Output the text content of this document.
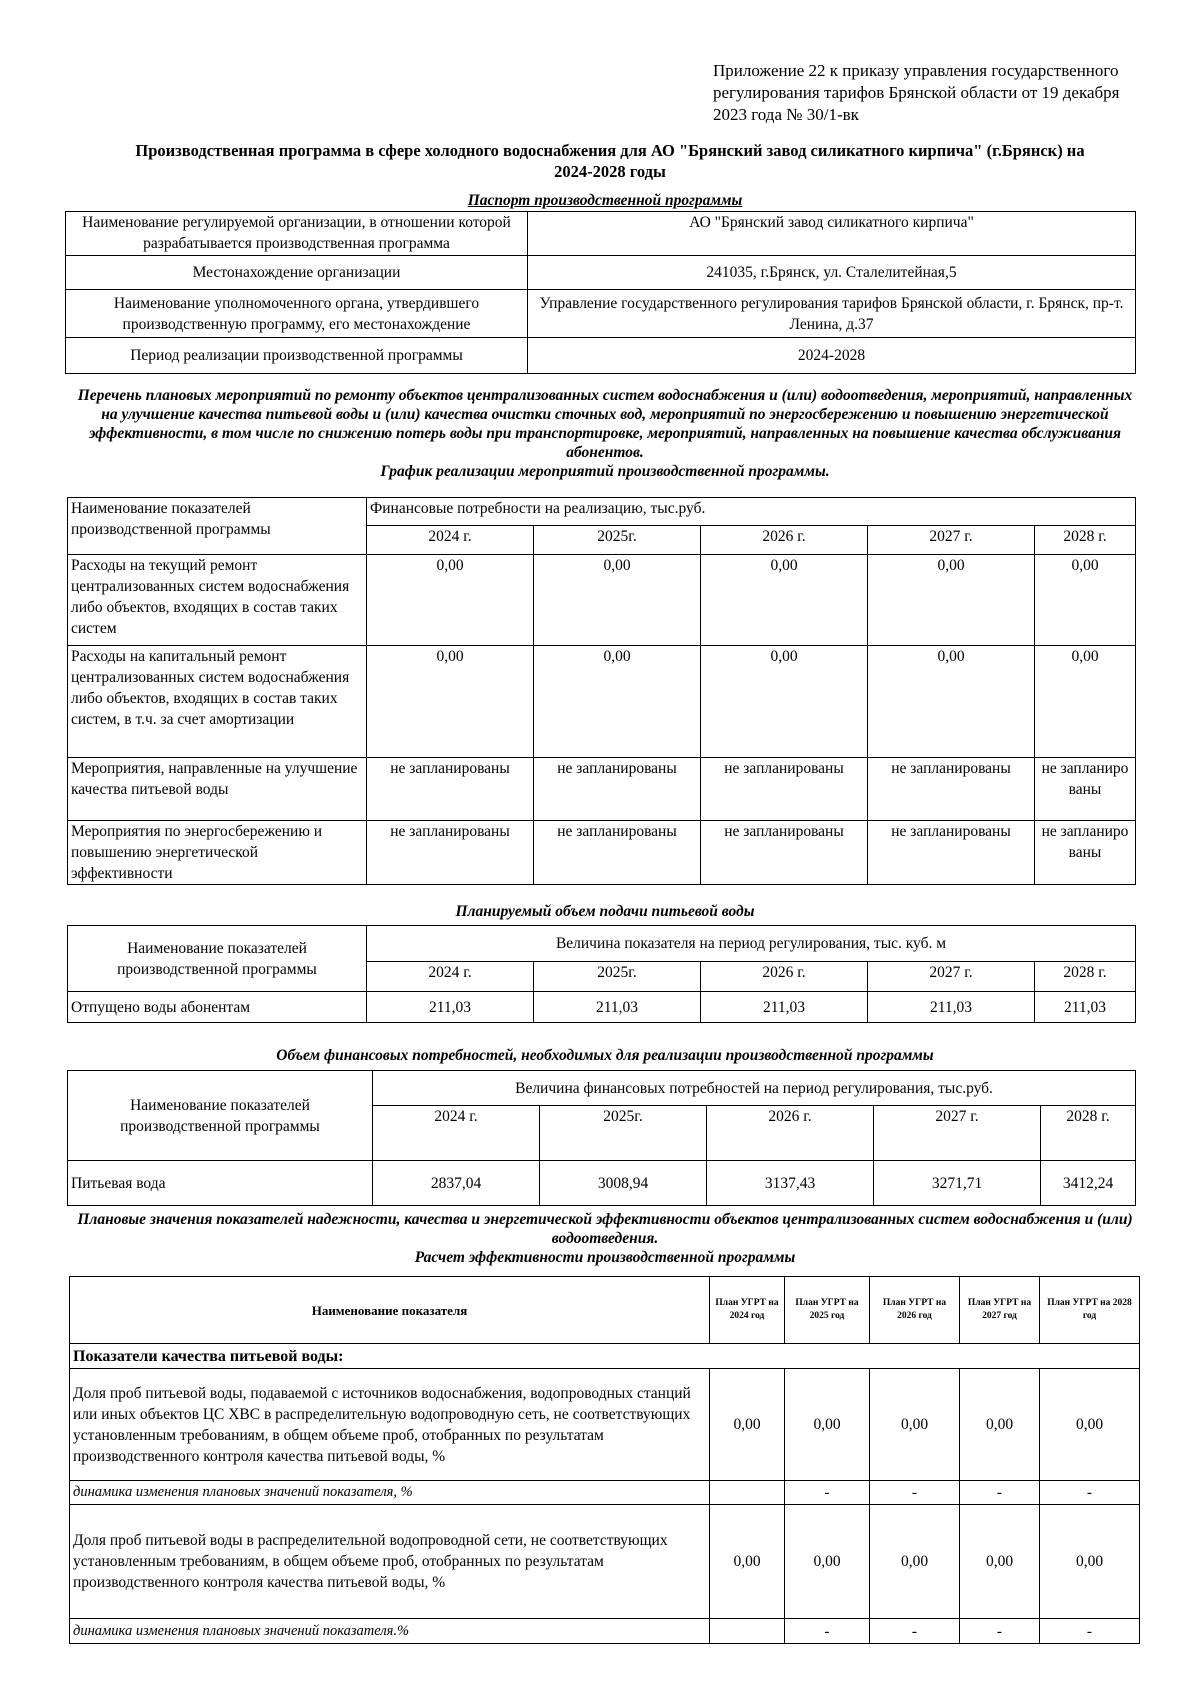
Приложение 22 к приказу управления государственного
регулирования тарифов Брянской области от 19 декабря
2023 года № 30/1-вк
Производственная программа в сфере холодного водоснабжения для АО "Брянский завод силикатного кирпича" (г.Брянск) на
2024-2028 годы
Паспорт производственной программы
Наименование регулируемой организации, в отношении которой разрабатывается производственная программа	АО "Брянский завод силикатного кирпича"
Местонахождение организации	241035, г.Брянск, ул. Сталелитейная,5
Наименование уполномоченного органа, утвердившего производственную программу, его местонахождение	Управление государственного регулирования тарифов Брянской области, г. Брянск, пр-т. Ленина, д.37
Период реализации производственной программы	2024-2028
Перечень плановых мероприятий по ремонту объектов централизованных систем водоснабжения и (или) водоотведения, мероприятий, направленных на улучшение качества питьевой воды и (или) качества очистки сточных вод, мероприятий по энергосбережению и повышению энергетической эффективности, в том числе по снижению потерь воды при транспортировке, мероприятий, направленных на повышение качества обслуживания абонентов.
График реализации мероприятий производственной программы.
Наименование показателей производственной программы	Финансовые потребности на реализацию, тыс.руб.				
	2024 г.	2025г.	2026 г.	2027 г.	2028 г.
Расходы на текущий ремонт централизованных систем водоснабжения либо объектов, входящих в состав таких систем	0,00	0,00	0,00	0,00	0,00
Расходы на капитальный ремонт централизованных систем водоснабжения либо объектов, входящих в состав таких систем, в т.ч. за счет амортизации	0,00	0,00	0,00	0,00	0,00
Мероприятия, направленные на улучшение качества питьевой воды	не запланированы	не запланированы	не запланированы	не запланированы	не запланированы
Мероприятия по энергосбережению и повышению энергетической эффективности	не запланированы	не запланированы	не запланированы	не запланированы	не запланированы
Планируемый объем подачи питьевой воды
Наименование показателей производственной программы	Величина показателя на период регулирования, тыс. куб. м				
	2024 г.	2025г.	2026 г.	2027 г.	2028 г.
Отпущено воды абонентам	211,03	211,03	211,03	211,03	211,03
Объем финансовых потребностей, необходимых для реализации производственной программы
Наименование показателей производственной программы	Величина финансовых потребностей на период регулирования, тыс.руб.				
	2024 г.	2025г.	2026 г.	2027 г.	2028 г.
Питьевая вода	2837,04	3008,94	3137,43	3271,71	3412,24
Плановые значения показателей надежности, качества и энергетической эффективности объектов централизованных систем водоснабжения и (или) водоотведения.
Расчет эффективности производственной программы
Наименование показателя	План УГРТ на 2024 год	План УГРТ на 2025 год	План УГРТ на 2026 год	План УГРТ на 2027 год	План УГРТ на 2028 год
Показатели качества питьевой воды:					
Доля проб питьевой воды, подаваемой с источников водоснабжения, водопроводных станций или иных объектов ЦС ХВС в распределительную водопроводную сеть, не соответствующих установленным требованиям, в общем объеме проб, отобранных по результатам производственного контроля качества питьевой воды, %	0,00	0,00	0,00	0,00	0,00
динамика изменения плановых значений показателя, %		-	-	-	-
Доля проб питьевой воды в распределительной водопроводной сети, не соответствующих установленным требованиям, в общем объеме проб, отобранных по результатам производственного контроля качества питьевой воды, %	0,00	0,00	0,00	0,00	0,00
динамика изменения плановых значений показателя.%		-	-	-	-
